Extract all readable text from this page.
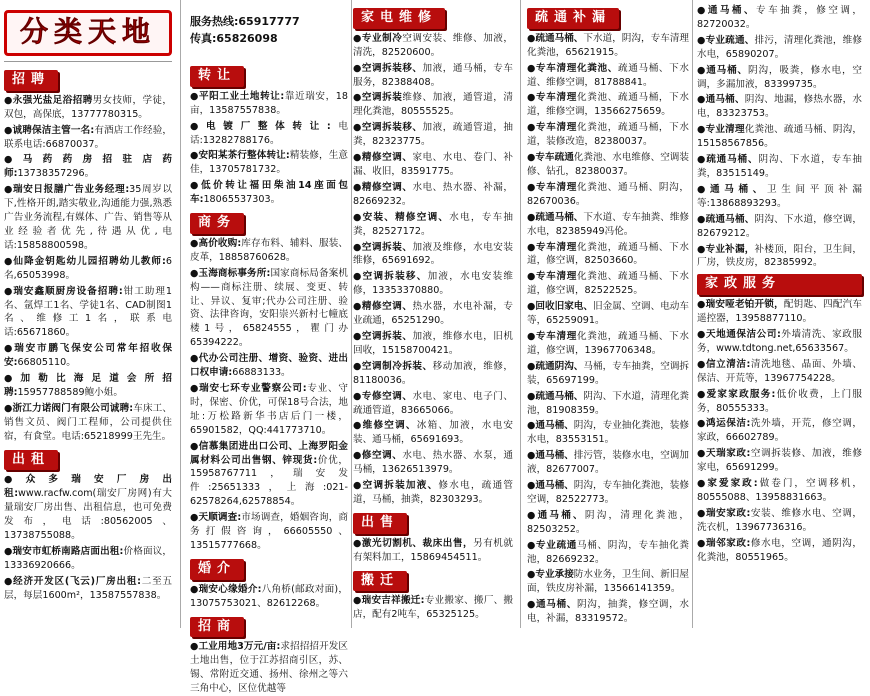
分类天地
招聘
●永强光盐足浴招聘男女技师，学徒，双包，高保底，13777780315。
●诚聘保洁主管一名:有酒店工作经验，联系电话:66870037。
●马药药房招驻店药师:13738357296。
●瑞安日报膳广告业务经理:35周岁以下,性格开朗,踏实敬业,沟通能力强,熟悉广告业务流程,有媒体、广告、销售等从业经验者优先,待遇从优,电话:15858800598。
●仙降金钥匙幼儿园招聘幼儿教师:6名,65053998。
●瑞安鑫顺厨房设备招聘:钳工助理1名、氩焊工1名、学徒1名、CAD制图1名、维修工1名，联系电话:65671860。
●瑞安市鹏飞保安公司常年招收保安:66805110。
●加勒比海足道会所招聘:15957788589鲍小姐。
●浙江力诺阀门有限公司诚聘:车床工、销售文员、阀门工程师，公司提供住宿，有食堂。电话:65218999王先生。
出租
●众多瑞安厂房出租:www.racfw.com(瑞安厂房网)有大量瑞安厂房出售、出租信息，也可免费发布，电话:80562005、13738755088。
●瑞安市虹桥南路店面出租:价格面议，13336920666。
●经济开发区(飞云)厂房出租:二至五层，每层1600m²，13587557838。
服务热线:65917777
传真:65826098
转让
●平阳工业土地转让:靠近瑞安，18亩，13587557838。
●电镀厂整体转让:电话:13282788176。
●安阳某茶行整体转让:精装修，生意佳，13705781732。
●低价转让福田柴油14座面包车:18065537303。
商务
●高价收购:库存布料、辅料、服装、皮革，18858760628。
●玉海商标事务所:国家商标局备案机构——商标注册、续展、变更、转让、异议、复审;代办公司注册、验资、法律咨询，安阳崇兴新村七幢底楼1号，65824555，瞿门办65394222。
●代办公司注册、增资、验资、进出口权申请:66883133。
●瑞安七环专业警察公司:专业、守时，保密、价优，可保18号合法，地址:万松路新华书店后门一楼，65901582，QQ:441773710。
●信慕集团进出口公司、上海罗阳金属材料公司出售钢、锌现货:价优，15958767711，瑞安发件:25651333，上海:021-62578264,62578854。
●天顺调查:市场调查，婚姻咨询，商务打假咨询，66605550、13515777668。
婚介
●瑞安心缘婚介:八角桥(邮政对面)，13075753021、82612268。
招商
●工业用地3万元/亩:求招招招开发区土地出售，位于江苏招商引区，苏、锡、常附近交通、扬州、徐州之等六三角中心，区位优越等
家电维修
●专业制冷空调安装、维修、加液，清洗，82520600。
●空调拆装移、加液，通马桶，专车服务，82388408。
●空调拆装维修、加液，通管道，清理化粪池，80555525。
●空调拆装移、加液，疏通管道，抽粪，82323775。
●精修空调、家电、水电、卷门、补漏、收旧，83591775。
●精修空调、水电、热水器、补漏，82669232。
●安装、精修空调、水电，专车抽粪，82527172。
●空调拆装、加液及维修，水电安装维修，65691692。
●空调拆装移、加液，水电安装维修，13353370880。
●精修空调、热水器，水电补漏，专业疏通，65251290。
●空调拆装、加液，维修水电，旧机回收，15158700421。
●空调制冷拆装、移动加液，维修，81180036。
●专修空调、水电、家电、电子门、疏通管道，83665066。
●维修空调、冰箱、加液，水电安装、通马桶，65691693。
●修空调、水电、热水器、水泵，通马桶，13626513979。
●空调拆装加液、修水电，疏通管道，马桶，抽粪，82303293。
出售
●激光切割机、裁床出售，另有机就有架料加工，15869454511。
搬迁
●瑞安吉祥搬迁:专业搬家、搬厂、搬店，配有2吨车，65325125。
疏通补漏
●疏通马桶、下水道，阴沟，专车清理化粪池，65621915。
●专车清理化粪池、疏通马桶、下水道、维修空调，81788841。
●专车清理化粪池、疏通马桶，下水道，维修空调，13566275659。
●专车清理化粪池，疏通马桶，下水道，装修改造，82380037。
●专车疏通化粪池、水电维修、空调装修、钻孔，82380037。
●专车清理化粪池、通马桶、阴沟，82670036。
●疏通马桶、下水道、专车抽粪、维修水电，82385949冯伦。
●专车清理化粪池，疏通马桶、下水道，修空调，82503660。
●专车清理化粪池、疏通马桶、下水道，修空调，82522525。
●回收旧家电、旧金属、空调、电动车等，65259091。
●专车清理化粪池，疏通马桶、下水道，修空调，13967706348。
●疏通阴沟、马桶，专车抽粪，空调拆装，65697199。
●疏通马桶、阴沟、下水道，清理化粪池，81908359。
●通马桶、阴沟，专业抽化粪池，装修水电，83553151。
●通马桶、排污管，装修水电，空调加液，82677007。
●通马桶、阴沟，专车抽化粪池，装修空调，82522773。
●通马桶、阴沟，清理化粪池，82503252。
●专业疏通马桶、阴沟，专车抽化粪池，82669232。
●专业承接防水业务，卫生间、新旧屋面，铁皮房补漏，13566141359。
●通马桶、阴沟，抽粪，修空调，水电，补漏，83319572。
●通马桶、专车抽粪，修空调，82720032。
●专业疏通、排污，清理化粪池，维修水电，65890207。
●通马桶、阴沟，吸粪，修水电，空调，多漏加液，83399735。
●通马桶、阴沟、地漏，修热水器，水电，83323753。
●专业清理化粪池、疏通马桶、阴沟，15158567856。
●疏通马桶、阴沟、下水道，专车抽粪，83515149。
●通马桶、卫生间平顶补漏等:13868893293。
●疏通马桶、阴沟、下水道，修空调，82679212。
●专业补漏，补楼顶，阳台，卫生间，厂房，铁皮房，82385992。
家政服务
●瑞安哑老铂开锁，配钥匙、四配汽车遥控器，13958877110。
●天地通保洁公司:外墙清洗、家政服务，www.tdtong.net,65633567。
●信立清洁:清洗地毯、晶面、外墙、保洁、开荒等，13967754228。
●爱家家政服务:低价收费，上门服务，80555333。
●鸿运保洁:洗外墙，开荒，修空调，家政，66602789。
●天瑞家政:空调拆装修、加液，维修家电，65691299。
●家爱家政:做卷门，空调移机，80555088、13958831663。
●瑞安家政:安装、维修水电、空调，洗衣机，13967736316。
●瑞邻家政:修水电，空调，通阴沟，化粪池，80551965。
